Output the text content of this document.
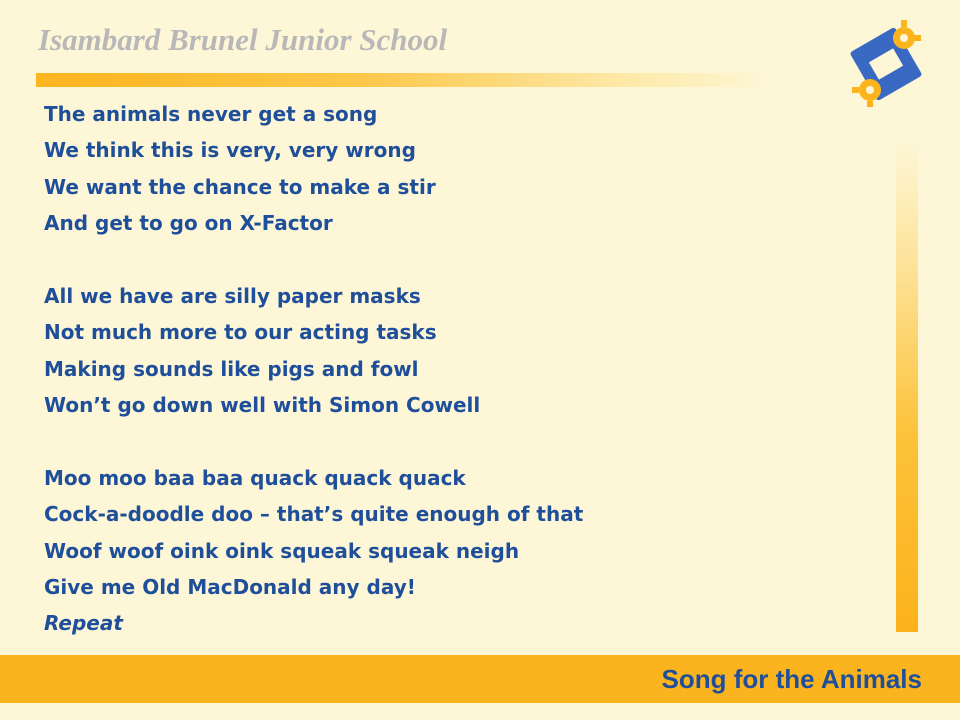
Isambard Brunel Junior School
The animals never get a song
We think this is very, very wrong
We want the chance to make a stir
And get to go on X-Factor
All we have are silly paper masks
Not much more to our acting tasks
Making sounds like pigs and fowl
Won’t go down well with Simon Cowell
Moo moo baa baa quack quack quack
Cock-a-doodle doo – that’s quite enough of that
Woof woof oink oink squeak squeak neigh
Give me Old MacDonald any day!
Repeat
Song for the Animals
